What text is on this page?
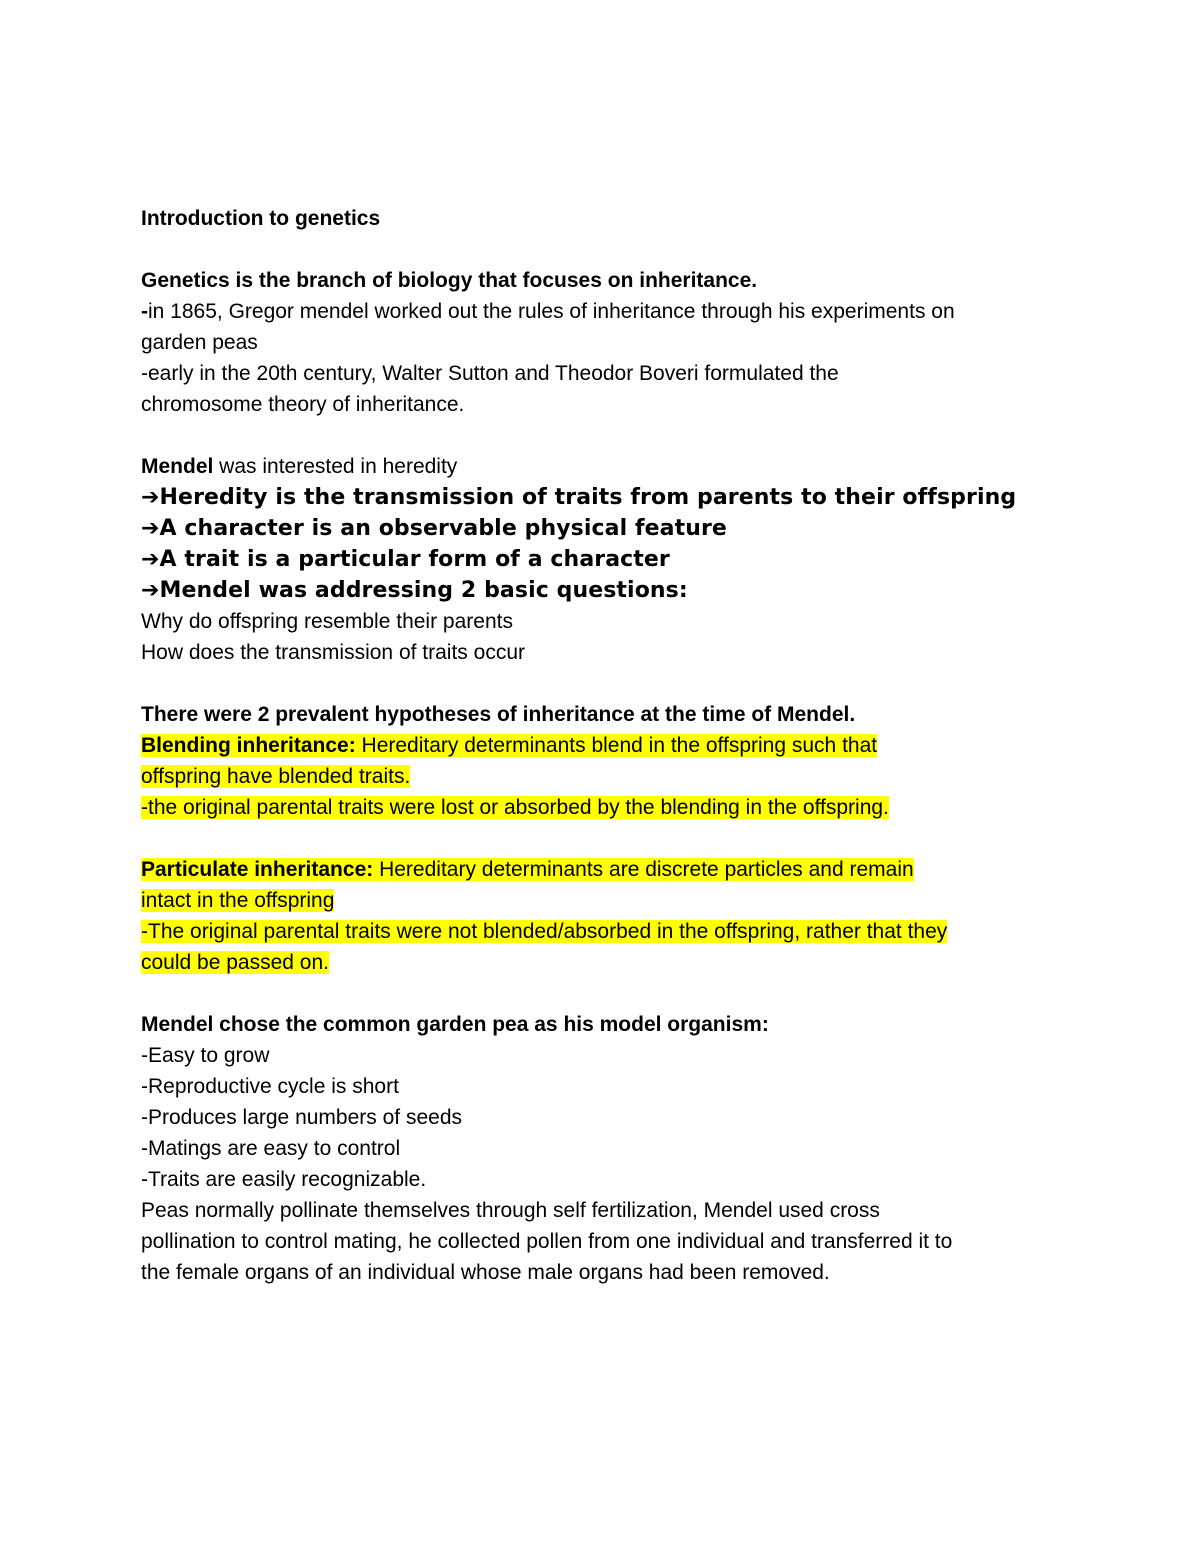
Introduction to genetics
Genetics is the branch of biology that focuses on inheritance.
-in 1865, Gregor mendel worked out the rules of inheritance through his experiments on
garden peas
-early in the 20th century, Walter Sutton and Theodor Boveri formulated the
chromosome theory of inheritance.
Mendel was interested in heredity
➔Heredity is the transmission of traits from parents to their offspring
➔A character is an observable physical feature
➔A trait is a particular form of a character
➔Mendel was addressing 2 basic questions:
Why do offspring resemble their parents
How does the transmission of traits occur
There were 2 prevalent hypotheses of inheritance at the time of Mendel.
Blending inheritance: Hereditary determinants blend in the offspring such that
offspring have blended traits.
-the original parental traits were lost or absorbed by the blending in the offspring.
Particulate inheritance: Hereditary determinants are discrete particles and remain
intact in the offspring
-The original parental traits were not blended/absorbed in the offspring, rather that they
could be passed on.
Mendel chose the common garden pea as his model organism:
-Easy to grow
-Reproductive cycle is short
-Produces large numbers of seeds
-Matings are easy to control
-Traits are easily recognizable.
Peas normally pollinate themselves through self fertilization, Mendel used cross
pollination to control mating, he collected pollen from one individual and transferred it to
the female organs of an individual whose male organs had been removed.
